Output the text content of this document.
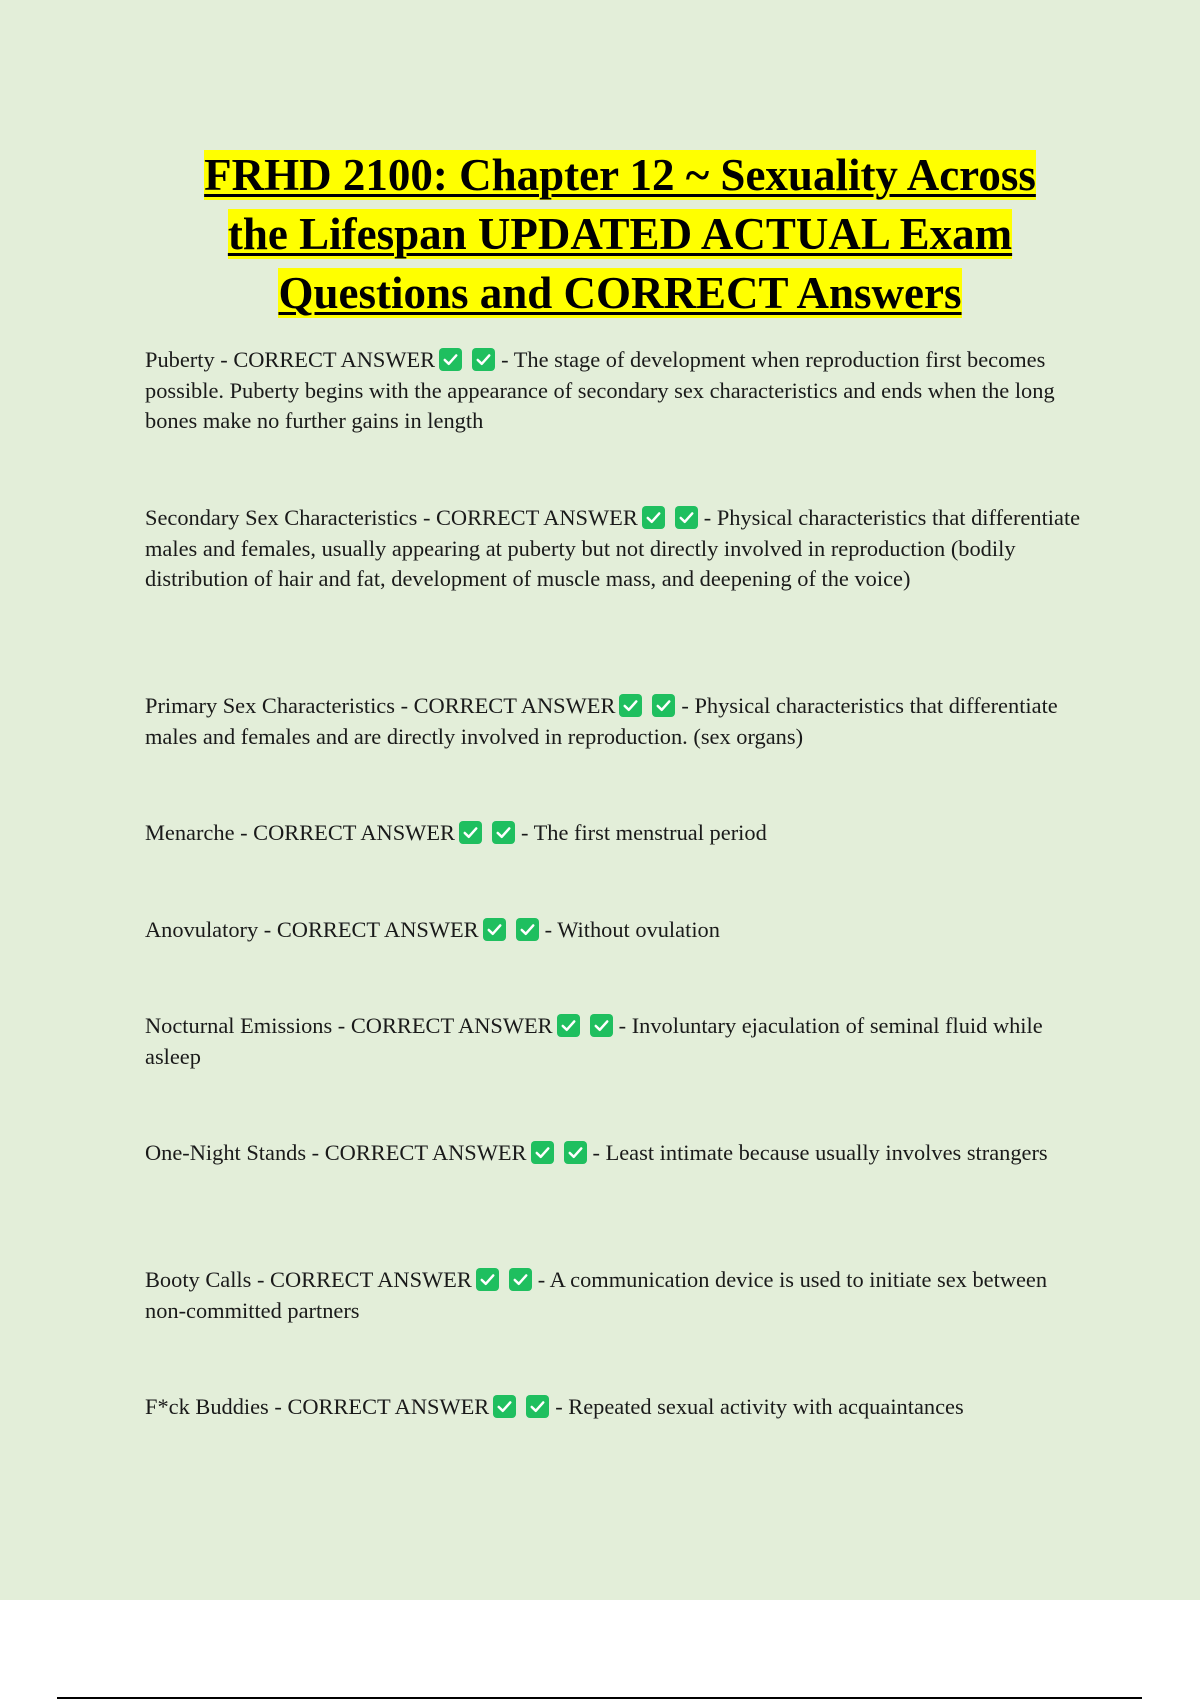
FRHD 2100: Chapter 12 ~ Sexuality Across
the Lifespan UPDATED ACTUAL Exam
Questions and CORRECT Answers

Puberty - CORRECT ANSWER	- The stage of development when reproduction first becomes possible. Puberty begins with the appearance of secondary sex characteristics and ends when the long bones make no further gains in length

Secondary Sex Characteristics - CORRECT ANSWER	- Physical characteristics that differentiate males and females, usually appearing at puberty but not directly involved in reproduction (bodily distribution of hair and fat, development of muscle mass, and deepening of the voice)

Primary Sex Characteristics - CORRECT ANSWER	- Physical characteristics that differentiate males and females and are directly involved in reproduction. (sex organs)

Menarche - CORRECT ANSWER	- The first menstrual period

Anovulatory - CORRECT ANSWER	- Without ovulation

Nocturnal Emissions - CORRECT ANSWER	- Involuntary ejaculation of seminal fluid while asleep

One-Night Stands - CORRECT ANSWER	- Least intimate because usually involves strangers

Booty Calls - CORRECT ANSWER	- A communication device is used to initiate sex between non-committed partners

F*ck Buddies - CORRECT ANSWER	- Repeated sexual activity with acquaintances
